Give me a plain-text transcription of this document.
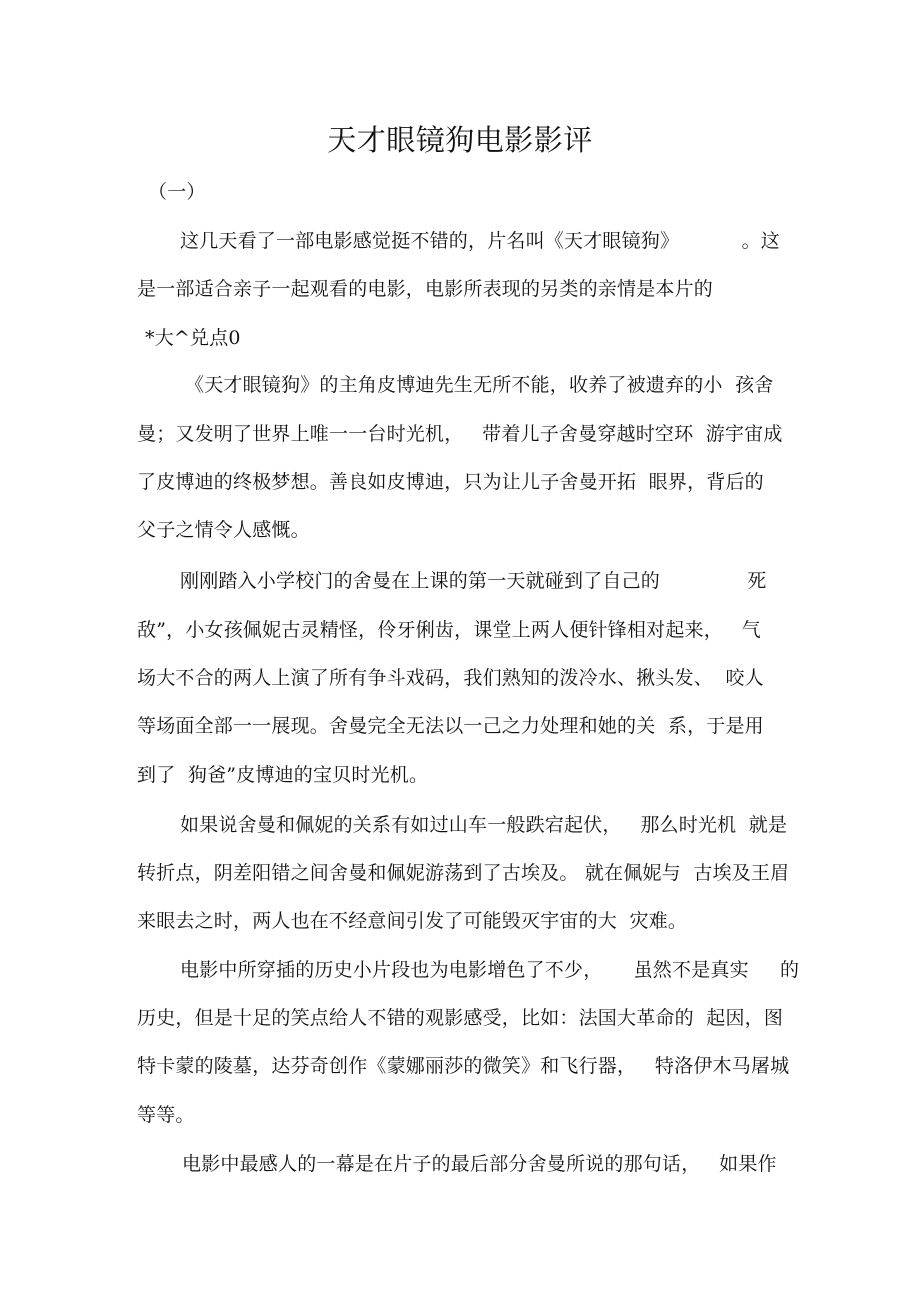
天才眼镜狗电影影评
（一）
这几天看了一部电影感觉挺不错的，片名叫《天才眼镜狗》          。这
是一部适合亲子一起观看的电影，电影所表现的另类的亲情是本片的
*大^兑点0
《天才眼镜狗》的主角皮博迪先生无所不能，收养了被遗弃的小  孩舍
曼；又发明了世界上唯一一台时光机，   带着儿子舍曼穿越时空环  游宇宙成
了皮博迪的终极梦想。善良如皮博迪，只为让儿子舍曼开拓  眼界，背后的
父子之情令人感慨。
刚刚踏入小学校门的舍曼在上课的第一天就碰到了自己的              死
敌”，小女孩佩妮古灵精怪，伶牙俐齿，课堂上两人便针锋相对起来，   气
场大不合的两人上演了所有争斗戏码，我们熟知的泼冷水、揪头发、  咬人
等场面全部一一展现。舍曼完全无法以一己之力处理和她的关  系，于是用
到了  狗爸”皮博迪的宝贝时光机。
如果说舍曼和佩妮的关系有如过山车一般跌宕起伏，   那么时光机  就是
转折点，阴差阳错之间舍曼和佩妮游荡到了古埃及。 就在佩妮与  古埃及王眉
来眼去之时，两人也在不经意间引发了可能毁灭宇宙的大  灾难。
电影中所穿插的历史小片段也为电影增色了不少，     虽然不是真实     的
历史，但是十足的笑点给人不错的观影感受，比如：法国大革命的  起因，图
特卡蒙的陵墓，达芬奇创作《蒙娜丽莎的微笑》和飞行器，   特洛伊木马屠城
等等。
电影中最感人的一幕是在片子的最后部分舍曼所说的那句话，   如果作
